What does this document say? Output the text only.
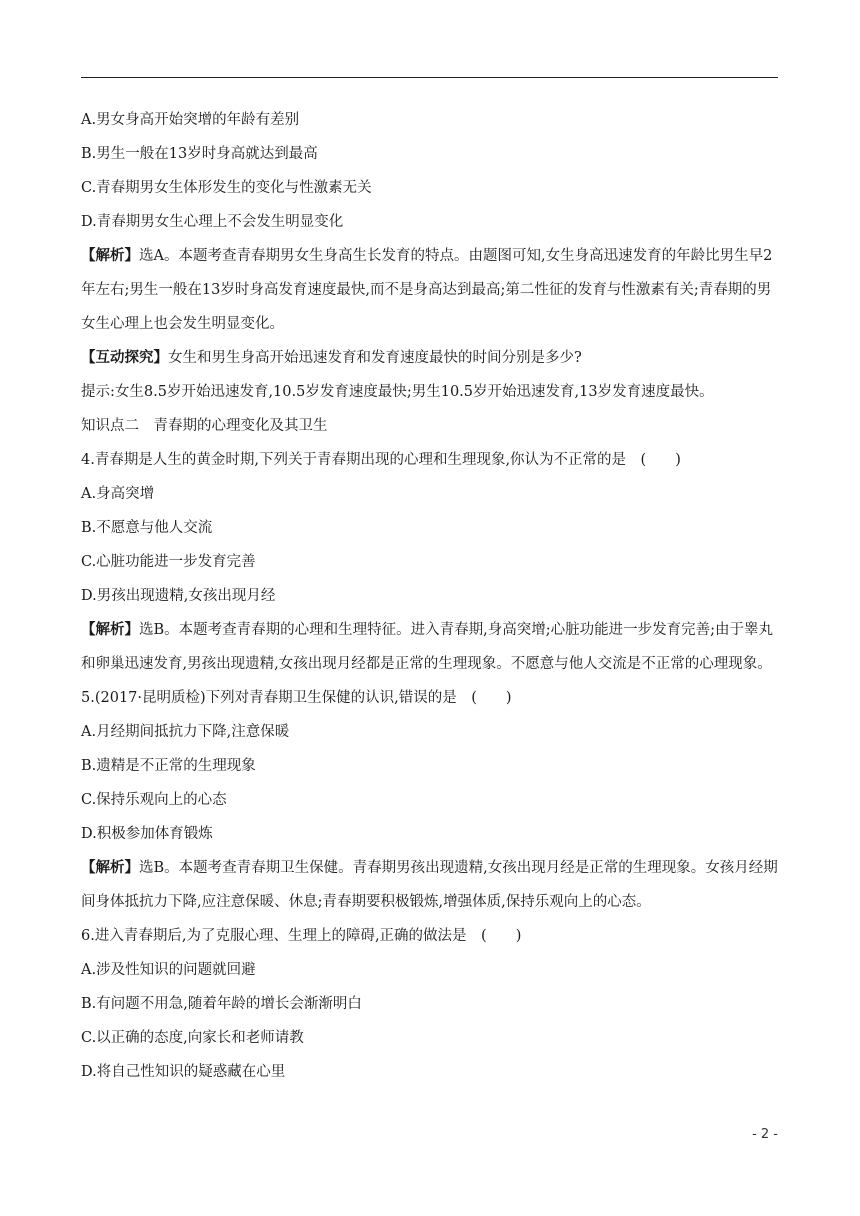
A.男女身高开始突增的年龄有差别
B.男生一般在13岁时身高就达到最高
C.青春期男女生体形发生的变化与性激素无关
D.青春期男女生心理上不会发生明显变化
【解析】选A。本题考查青春期男女生身高生长发育的特点。由题图可知,女生身高迅速发育的年龄比男生早2年左右;男生一般在13岁时身高发育速度最快,而不是身高达到最高;第二性征的发育与性激素有关;青春期的男女生心理上也会发生明显变化。
【互动探究】女生和男生身高开始迅速发育和发育速度最快的时间分别是多少?
提示:女生8.5岁开始迅速发育,10.5岁发育速度最快;男生10.5岁开始迅速发育,13岁发育速度最快。
知识点二　青春期的心理变化及其卫生
4.青春期是人生的黄金时期,下列关于青春期出现的心理和生理现象,你认为不正常的是　(　　)
A.身高突增
B.不愿意与他人交流
C.心脏功能进一步发育完善
D.男孩出现遗精,女孩出现月经
【解析】选B。本题考查青春期的心理和生理特征。进入青春期,身高突增;心脏功能进一步发育完善;由于睾丸和卵巢迅速发育,男孩出现遗精,女孩出现月经都是正常的生理现象。不愿意与他人交流是不正常的心理现象。
5.(2017·昆明质检)下列对青春期卫生保健的认识,错误的是　(　　)
A.月经期间抵抗力下降,注意保暖
B.遗精是不正常的生理现象
C.保持乐观向上的心态
D.积极参加体育锻炼
【解析】选B。本题考查青春期卫生保健。青春期男孩出现遗精,女孩出现月经是正常的生理现象。女孩月经期间身体抵抗力下降,应注意保暖、休息;青春期要积极锻炼,增强体质,保持乐观向上的心态。
6.进入青春期后,为了克服心理、生理上的障碍,正确的做法是　(　　)
A.涉及性知识的问题就回避
B.有问题不用急,随着年龄的增长会渐渐明白
C.以正确的态度,向家长和老师请教
D.将自己性知识的疑惑藏在心里
- 2 -
